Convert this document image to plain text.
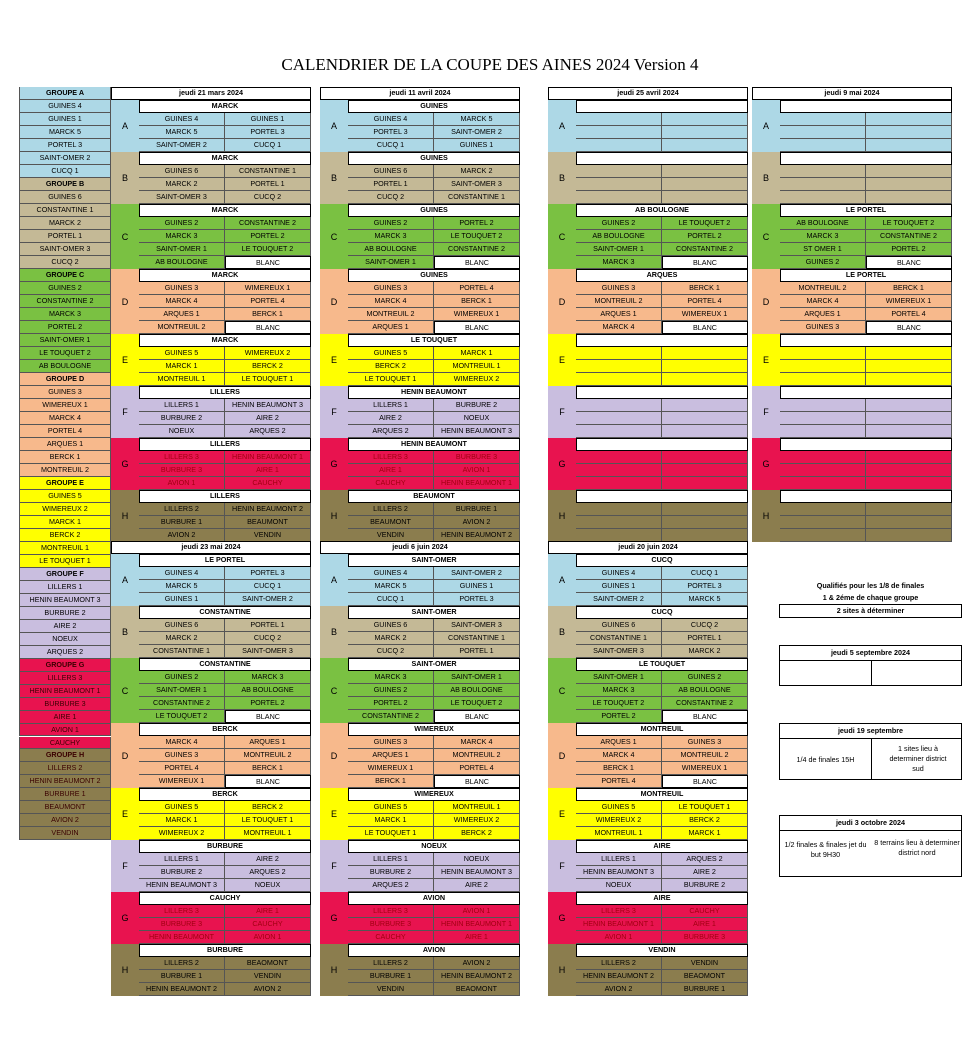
CALENDRIER DE LA COUPE DES AINES 2024 Version 4
GROUPE A
GUINES 4
GUINES 1
MARCK 5
PORTEL 3
SAINT-OMER 2
CUCQ 1
GROUPE B
GUINES 6
CONSTANTINE 1
MARCK 2
PORTEL 1
SAINT-OMER 3
CUCQ 2
GROUPE C
GUINES 2
CONSTANTINE 2
MARCK 3
PORTEL 2
SAINT-OMER 1
LE TOUQUET 2
AB BOULOGNE
GROUPE D
GUINES 3
WIMEREUX 1
MARCK 4
PORTEL 4
ARQUES 1
BERCK 1
MONTREUIL 2
GROUPE E
GUINES 5
WIMEREUX 2
MARCK 1
BERCK 2
MONTREUIL 1
LE TOUQUET 1
GROUPE F
LILLERS 1
HENIN BEAUMONT 3
BURBURE 2
AIRE 2
NOEUX
ARQUES 2
GROUPE G
LILLERS 3
HENIN BEAUMONT 1
BURBURE 3
AIRE 1
AVION 1
CAUCHY
GROUPE H
LILLERS 2
HENIN BEAUMONT 2
BURBURE 1
BEAUMONT
AVION 2
VENDIN
jeudi 21 mars 2024
A
MARCK
GUINES 4	GUINES 1
MARCK 5	PORTEL 3
SAINT-OMER 2	CUCQ 1
B
MARCK
GUINES 6	CONSTANTINE 1
MARCK 2	PORTEL 1
SAINT-OMER 3	CUCQ 2
C
MARCK
GUINES 2	CONSTANTINE 2
MARCK 3	PORTEL 2
SAINT-OMER 1	LE TOUQUET 2
AB BOULOGNE	BLANC
D
MARCK
GUINES 3	WIMEREUX 1
MARCK 4	PORTEL 4
ARQUES 1	BERCK 1
MONTREUIL 2	BLANC
E
MARCK
GUINES 5	WIMEREUX 2
MARCK 1	BERCK 2
MONTREUIL 1	LE TOUQUET 1
F
LILLERS
LILLERS 1	HENIN BEAUMONT 3
BURBURE 2	AIRE 2
NOEUX	ARQUES 2
G
LILLERS
LILLERS 3	HENIN BEAUMONT 1
BURBURE 3	AIRE 1
AVION 1	CAUCHY
H
LILLERS
LILLERS 2	HENIN BEAUMONT 2
BURBURE 1	BEAUMONT
AVION 2	VENDIN
jeudi 11 avril 2024
A
GUINES
GUINES 4	MARCK 5
PORTEL 3	SAINT-OMER 2
CUCQ 1	GUINES 1
B
GUINES
GUINES 6	MARCK 2
PORTEL 1	SAINT-OMER 3
CUCQ 2	CONSTANTINE 1
C
GUINES
GUINES 2	PORTEL 2
MARCK 3	LE TOUQUET 2
AB BOULOGNE	CONSTANTINE 2
SAINT-OMER 1	BLANC
D
GUINES
GUINES 3	PORTEL 4
MARCK 4	BERCK 1
MONTREUIL 2	WIMEREUX 1
ARQUES 1	BLANC
E
LE TOUQUET
GUINES 5	MARCK 1
BERCK 2	MONTREUIL 1
LE TOUQUET 1	WIMEREUX 2
F
HENIN BEAUMONT
LILLERS 1	BURBURE 2
AIRE 2	NOEUX
ARQUES 2	HENIN BEAUMONT 3
G
HENIN BEAUMONT
LILLERS 3	BURBURE 3
AIRE 1	AVION 1
CAUCHY	HENIN BEAUMONT 1
H
BEAUMONT
LILLERS 2	BURBURE 1
BEAUMONT	AVION 2
VENDIN	HENIN BEAUMONT 2
jeudi 25 avril 2024
A
B
C
AB BOULOGNE
GUINES 2	LE TOUQUET 2
AB BOULOGNE	PORTEL 2
SAINT-OMER 1	CONSTANTINE 2
MARCK 3	BLANC
D
ARQUES
GUINES 3	BERCK 1
MONTREUIL 2	PORTEL 4
ARQUES 1	WIMEREUX 1
MARCK 4	BLANC
E
F
G
H
jeudi 9 mai 2024
A
B
C
LE PORTEL
AB BOULOGNE	LE TOUQUET 2
MARCK 3	CONSTANTINE 2
ST OMER 1	PORTEL 2
GUINES 2	BLANC
D
LE PORTEL
MONTREUIL 2	BERCK 1
MARCK 4	WIMEREUX 1
ARQUES 1	PORTEL 4
GUINES 3	BLANC
E
F
G
H
jeudi 23 mai 2024
A
LE PORTEL
GUINES 4	PORTEL 3
MARCK 5	CUCQ 1
GUINES 1	SAINT-OMER 2
B
CONSTANTINE
GUINES 6	PORTEL 1
MARCK 2	CUCQ 2
CONSTANTINE 1	SAINT-OMER 3
C
CONSTANTINE
GUINES 2	MARCK 3
SAINT-OMER 1	AB BOULOGNE
CONSTANTINE 2	PORTEL 2
LE TOUQUET 2	BLANC
D
BERCK
MARCK 4	ARQUES 1
GUINES 3	MONTREUIL 2
PORTEL 4	BERCK 1
WIMEREUX 1	BLANC
E
BERCK
GUINES 5	BERCK 2
MARCK 1	LE TOUQUET 1
WIMEREUX 2	MONTREUIL 1
F
BURBURE
LILLERS 1	AIRE 2
BURBURE 2	ARQUES 2
HENIN BEAUMONT 3	NOEUX
G
CAUCHY
LILLERS 3	AIRE 1
BURBURE 3	CAUCHY
HENIN BEAUMONT	AVION 1
H
BURBURE
LILLERS 2	BEAOMONT
BURBURE 1	VENDIN
HENIN BEAUMONT 2	AVION 2
jeudi 6 juin 2024
A
SAINT-OMER
GUINES 4	SAINT-OMER 2
MARCK 5	GUINES 1
CUCQ 1	PORTEL 3
B
SAINT-OMER
GUINES 6	SAINT-OMER 3
MARCK 2	CONSTANTINE 1
CUCQ 2	PORTEL 1
C
SAINT-OMER
MARCK 3	SAINT-OMER 1
GUINES 2	AB BOULOGNE
PORTEL 2	LE TOUQUET 2
CONSTANTINE 2	BLANC
D
WIMEREUX
GUINES 3	MARCK 4
ARQUES 1	MONTREUIL 2
WIMEREUX 1	PORTEL 4
BERCK 1	BLANC
E
WIMEREUX
GUINES 5	MONTREUIL 1
MARCK 1	WIMEREUX 2
LE TOUQUET 1	BERCK 2
F
NOEUX
LILLERS 1	NOEUX
BURBURE 2	HENIN BEAUMONT 3
ARQUES 2	AIRE 2
G
AVION
LILLERS 3	AVION 1
BURBURE 3	HENIN BEAUMONT 1
CAUCHY	AIRE 1
H
AVION
LILLERS 2	AVION 2
BURBURE 1	HENIN BEAUMONT 2
VENDIN	BEAOMONT
jeudi 20 juin 2024
A
CUCQ
GUINES 4	CUCQ 1
GUINES 1	PORTEL 3
SAINT-OMER 2	MARCK 5
B
CUCQ
GUINES 6	CUCQ 2
CONSTANTINE 1	PORTEL 1
SAINT-OMER 3	MARCK 2
C
LE TOUQUET
SAINT-OMER 1	GUINES 2
MARCK 3	AB BOULOGNE
LE TOUQUET 2	CONSTANTINE 2
PORTEL 2	BLANC
D
MONTREUIL
ARQUES 1	GUINES 3
MARCK 4	MONTREUIL 2
BERCK 1	WIMEREUX 1
PORTEL 4	BLANC
E
MONTREUIL
GUINES 5	LE TOUQUET 1
WIMEREUX 2	BERCK 2
MONTREUIL 1	MARCK 1
F
AIRE
LILLERS 1	ARQUES 2
HENIN BEAUMONT 3	AIRE 2
NOEUX	BURBURE 2
G
AIRE
LILLERS 3	CAUCHY
HENIN BEAUMONT 1	AIRE 1
AVION 1	BURBURE 3
H
VENDIN
LILLERS 2	VENDIN
HENIN BEAUMONT 2	BEAOMONT
AVION 2	BURBURE 1
Qualifiés pour les 1/8 de finales
1 & 2éme de chaque groupe
2 sites à déterminer
jeudi 5 septembre 2024
jeudi 19 septembre
1/4 de finales 15H
1 sites lieu à determiner district sud
jeudi 3 octobre 2024
1/2 finales & finales jet du but 9H30
8 terrains lieu à determiner district nord
